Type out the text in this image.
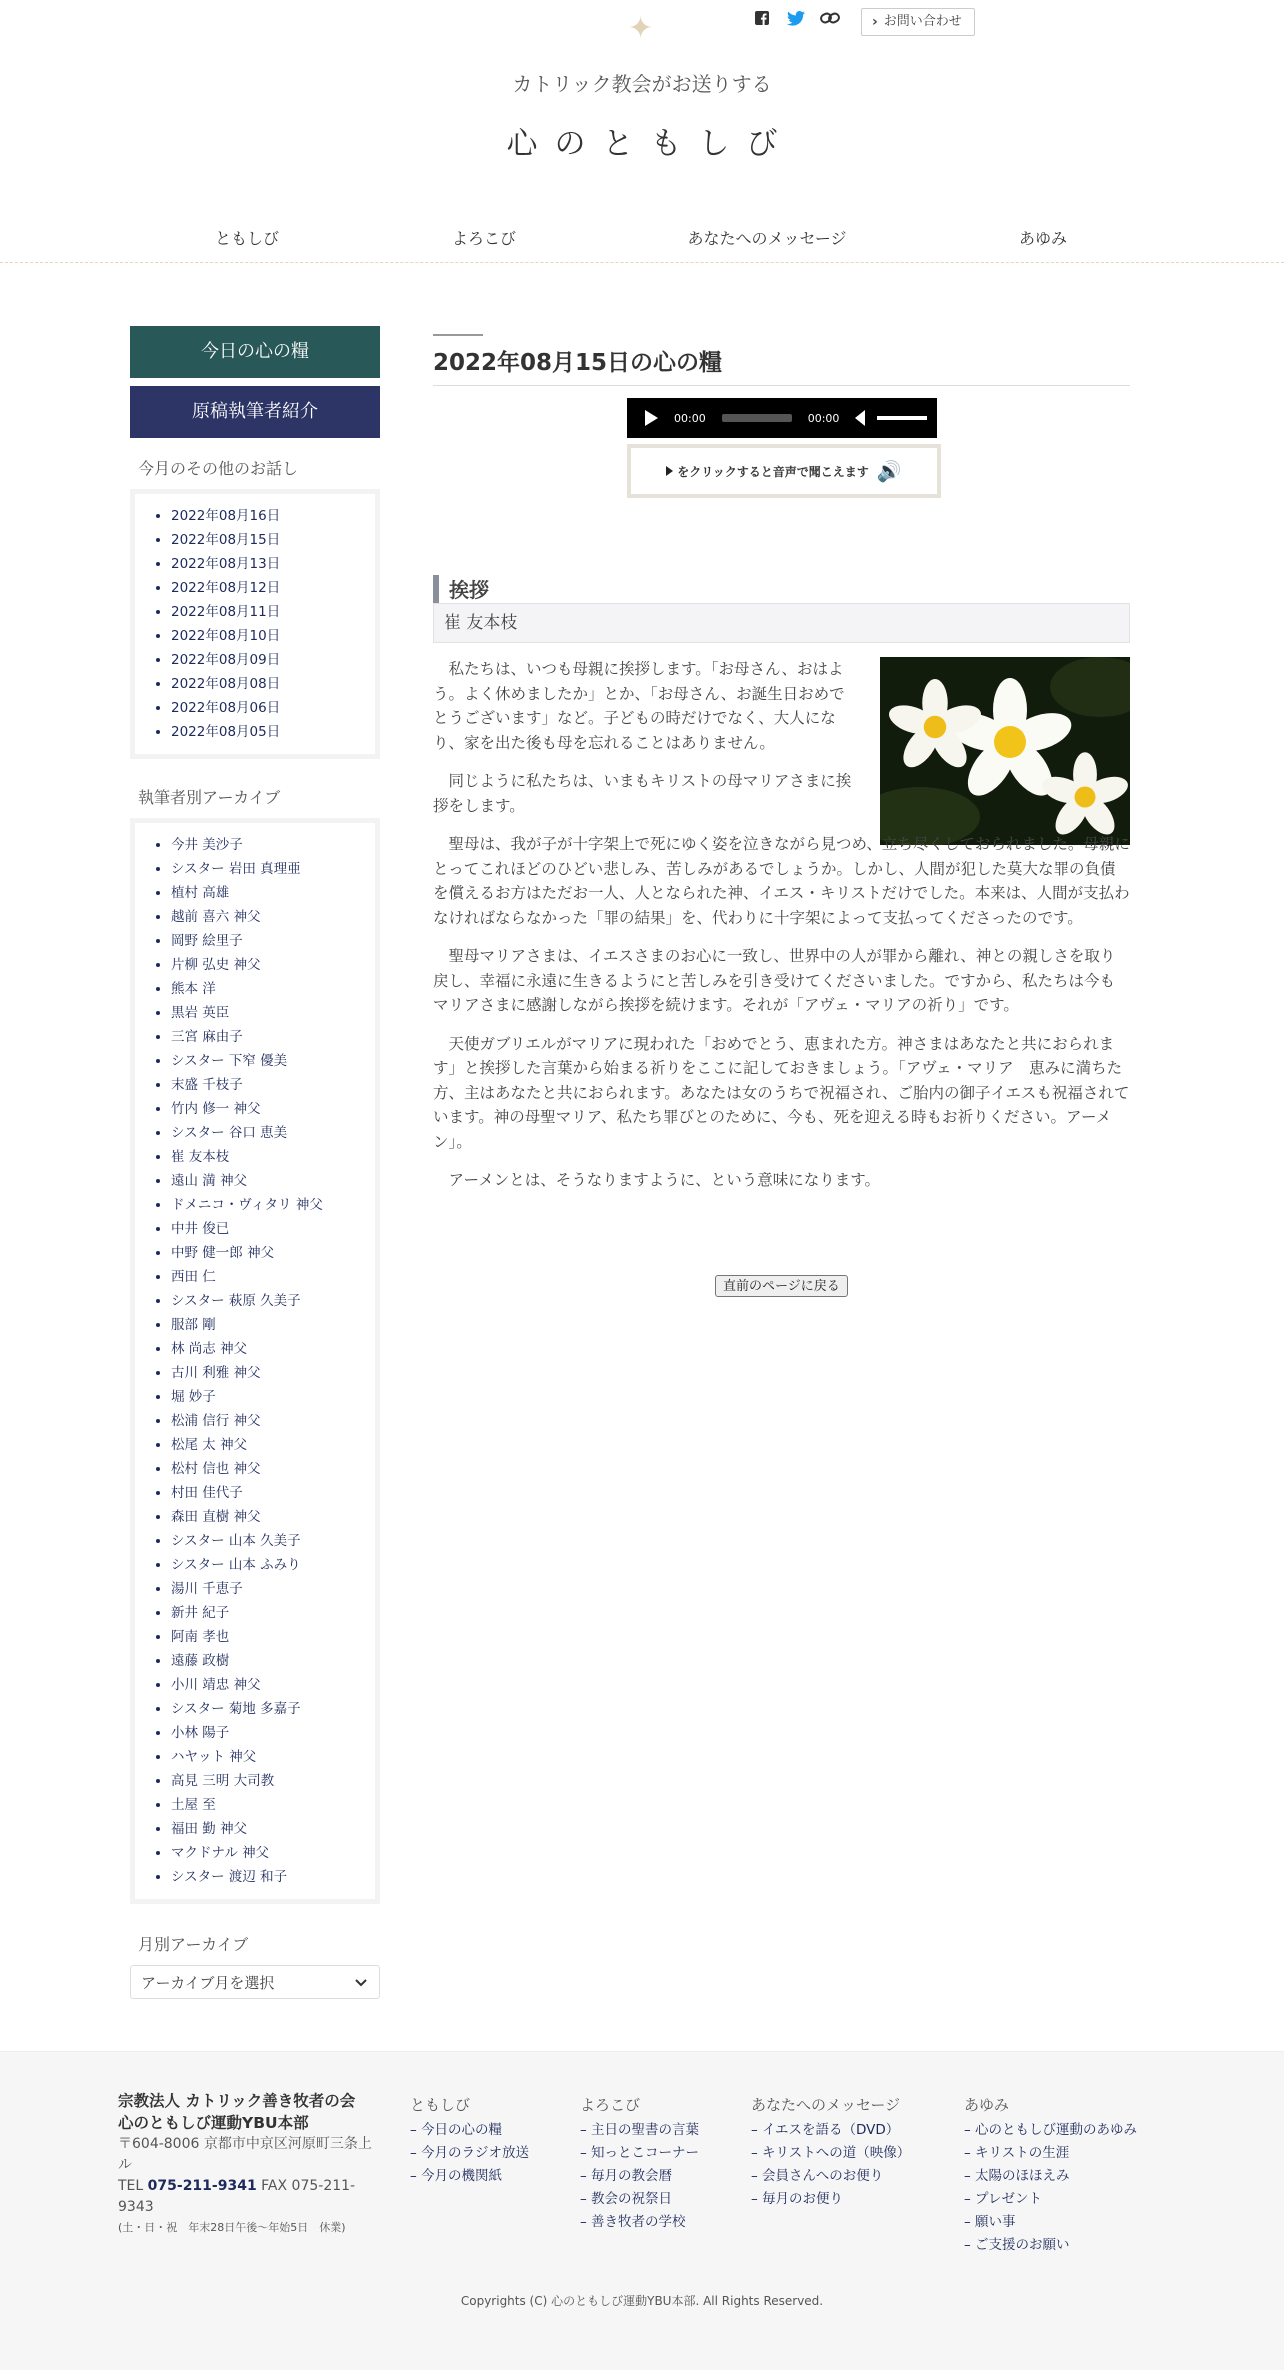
✦	› お問い合わせ
カトリック教会がお送りする
心のともしび
ともしび	よろこび	あなたへのメッセージ	あゆみ
今日の心の糧
原稿執筆者紹介
今月のその他のお話し
• 2022年08月16日
• 2022年08月15日
• 2022年08月13日
• 2022年08月12日
• 2022年08月11日
• 2022年08月10日
• 2022年08月09日
• 2022年08月08日
• 2022年08月06日
• 2022年08月05日
執筆者別アーカイブ
• 今井 美沙子
• シスター 岩田 真理亜
• 植村 高雄
• 越前 喜六 神父
• 岡野 絵里子
• 片柳 弘史 神父
• 熊本 洋
• 黒岩 英臣
• 三宮 麻由子
• シスター 下窄 優美
• 末盛 千枝子
• 竹内 修一 神父
• シスター 谷口 恵美
• 崔 友本枝
• 遠山 満 神父
• ドメニコ・ヴィタリ 神父
• 中井 俊已
• 中野 健一郎 神父
• 西田 仁
• シスター 萩原 久美子
• 服部 剛
• 林 尚志 神父
• 古川 利雅 神父
• 堀 妙子
• 松浦 信行 神父
• 松尾 太 神父
• 松村 信也 神父
• 村田 佳代子
• 森田 直樹 神父
• シスター 山本 久美子
• シスター 山本 ふみり
• 湯川 千恵子
• 新井 紀子
• 阿南 孝也
• 遠藤 政樹
• 小川 靖忠 神父
• シスター 菊地 多嘉子
• 小林 陽子
• ハヤット 神父
• 高見 三明 大司教
• 土屋 至
• 福田 勤 神父
• マクドナル 神父
• シスター 渡辺 和子
月別アーカイブ
アーカイブ月を選択
2022年08月15日の心の糧
00:00	00:00
をクリックすると音声で聞こえます 🔊
挨拶
崔 友本枝

私たちは、いつも母親に挨拶します。「お母さん、おはよう。よく休めましたか」とか、「お母さん、お誕生日おめでとうございます」など。子どもの時だけでなく、大人になり、家を出た後も母を忘れることはありません。

同じように私たちは、いまもキリストの母マリアさまに挨拶をします。

聖母は、我が子が十字架上で死にゆく姿を泣きながら見つめ、立ち尽くしておられました。母親にとってこれほどのひどい悲しみ、苦しみがあるでしょうか。しかし、人間が犯した莫大な罪の負債を償えるお方はただお一人、人となられた神、イエス・キリストだけでした。本来は、人間が支払わなければならなかった「罪の結果」を、代わりに十字架によって支払ってくださったのです。

聖母マリアさまは、イエスさまのお心に一致し、世界中の人が罪から離れ、神との親しさを取り戻し、幸福に永遠に生きるようにと苦しみを引き受けてくださいました。ですから、私たちは今もマリアさまに感謝しながら挨拶を続けます。それが「アヴェ・マリアの祈り」です。

天使ガブリエルがマリアに現われた「おめでとう、恵まれた方。神さまはあなたと共におられます」と挨拶した言葉から始まる祈りをここに記しておきましょう。「アヴェ・マリア　恵みに満ちた方、主はあなたと共におられます。あなたは女のうちで祝福され、ご胎内の御子イエスも祝福されています。神の母聖マリア、私たち罪びとのために、今も、死を迎える時もお祈りください。アーメン」。

アーメンとは、そうなりますように、という意味になります。

直前のページに戻る
宗教法人 カトリック善き牧者の会
心のともしび運動YBU本部
〒604-8006 京都市中京区河原町三条上ル
TEL 075-211-9341 FAX 075-211-9343
(土・日・祝　年末28日午後〜年始5日　休業)
ともしび
– 今日の心の糧
– 今月のラジオ放送
– 今月の機関紙
よろこび
– 主日の聖書の言葉
– 知っとこコーナー
– 毎月の教会暦
– 教会の祝祭日
– 善き牧者の学校
あなたへのメッセージ
– イエスを語る（DVD）
– キリストへの道（映像）
– 会員さんへのお便り
– 毎月のお便り
あゆみ
– 心のともしび運動のあゆみ
– キリストの生涯
– 太陽のほほえみ
– プレゼント
– 願い事
– ご支援のお願い
Copyrights (C) 心のともしび運動YBU本部. All Rights Reserved.
